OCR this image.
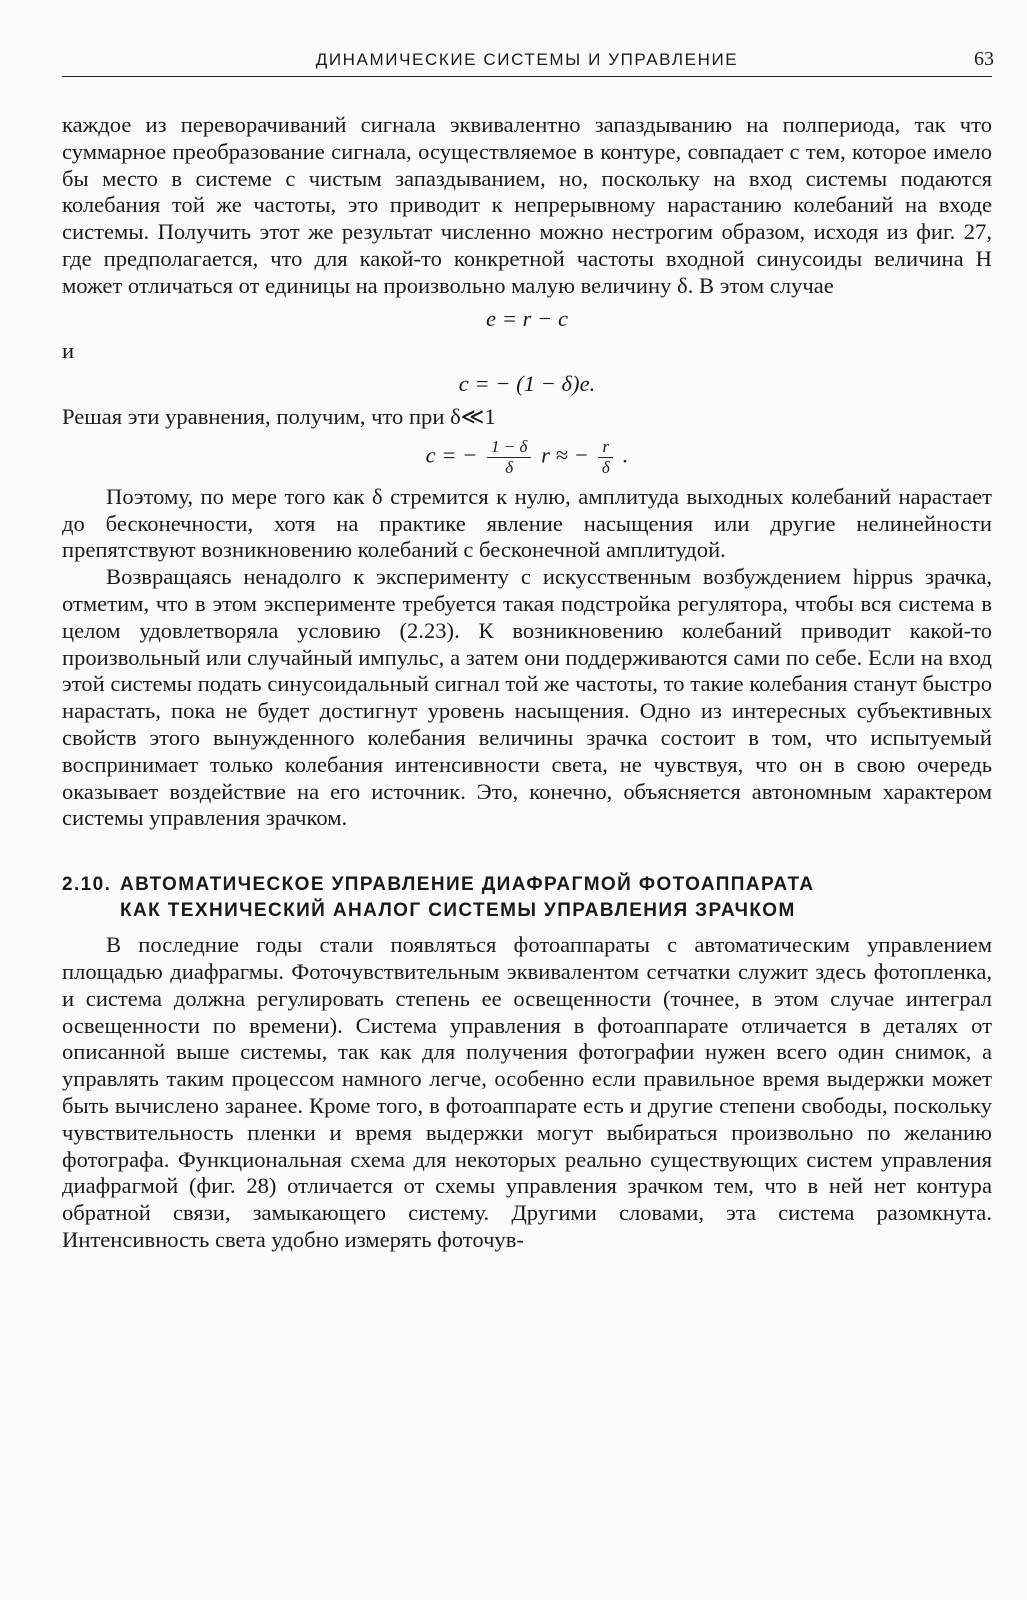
ДИНАМИЧЕСКИЕ СИСТЕМЫ И УПРАВЛЕНИЕ	63

каждое из переворачиваний сигнала эквивалентно запаздыванию на полпериода, так что суммарное преобразование сигнала, осуществляемое в контуре, совпадает с тем, которое имело бы место в системе с чистым запаздыванием, но, поскольку на вход системы подаются колебания той же частоты, это приводит к непрерывному нарастанию колебаний на входе системы. Получить этот же результат численно можно нестрогим образом, исходя из фиг. 27, где предполагается, что для какой-то конкретной частоты входной синусоиды величина H может отличаться от единицы на произвольно малую величину δ. В этом случае

e = r − c

и

c = − (1 − δ)e.

Решая эти уравнения, получим, что при δ≪1

c = − $\frac{1 - \delta}{\delta}$ r ≈ − $\frac{r}{\delta}$ .

Поэтому, по мере того как δ стремится к нулю, амплитуда выходных колебаний нарастает до бесконечности, хотя на практике явление насыщения или другие нелинейности препятствуют возникновению колебаний с бесконечной амплитудой.

Возвращаясь ненадолго к эксперименту с искусственным возбуждением hippus зрачка, отметим, что в этом эксперименте требуется такая подстройка регулятора, чтобы вся система в целом удовлетворяла условию (2.23). К возникновению колебаний приводит какой-то произвольный или случайный импульс, а затем они поддерживаются сами по себе. Если на вход этой системы подать синусоидальный сигнал той же частоты, то такие колебания станут быстро нарастать, пока не будет достигнут уровень насыщения. Одно из интересных субъективных свойств этого вынужденного колебания величины зрачка состоит в том, что испытуемый воспринимает только колебания интенсивности света, не чувствуя, что он в свою очередь оказывает воздействие на его источник. Это, конечно, объясняется автономным характером системы управления зрачком.

2.10. АВТОМАТИЧЕСКОЕ УПРАВЛЕНИЕ ДИАФРАГМОЙ ФОТОАППАРАТА
КАК ТЕХНИЧЕСКИЙ АНАЛОГ СИСТЕМЫ УПРАВЛЕНИЯ ЗРАЧКОМ

В последние годы стали появляться фотоаппараты с автоматическим управлением площадью диафрагмы. Фоточувствительным эквивалентом сетчатки служит здесь фотопленка, и система должна регулировать степень ее освещенности (точнее, в этом случае интеграл освещенности по времени). Система управления в фотоаппарате отличается в деталях от описанной выше системы, так как для получения фотографии нужен всего один снимок, а управлять таким процессом намного легче, особенно если правильное время выдержки может быть вычислено заранее. Кроме того, в фотоаппарате есть и другие степени свободы, поскольку чувствительность пленки и время выдержки могут выбираться произвольно по желанию фотографа. Функциональная схема для некоторых реально существующих систем управления диафрагмой (фиг. 28) отличается от схемы управления зрачком тем, что в ней нет контура обратной связи, замыкающего систему. Другими словами, эта система разомкнута. Интенсивность света удобно измерять фоточув-
